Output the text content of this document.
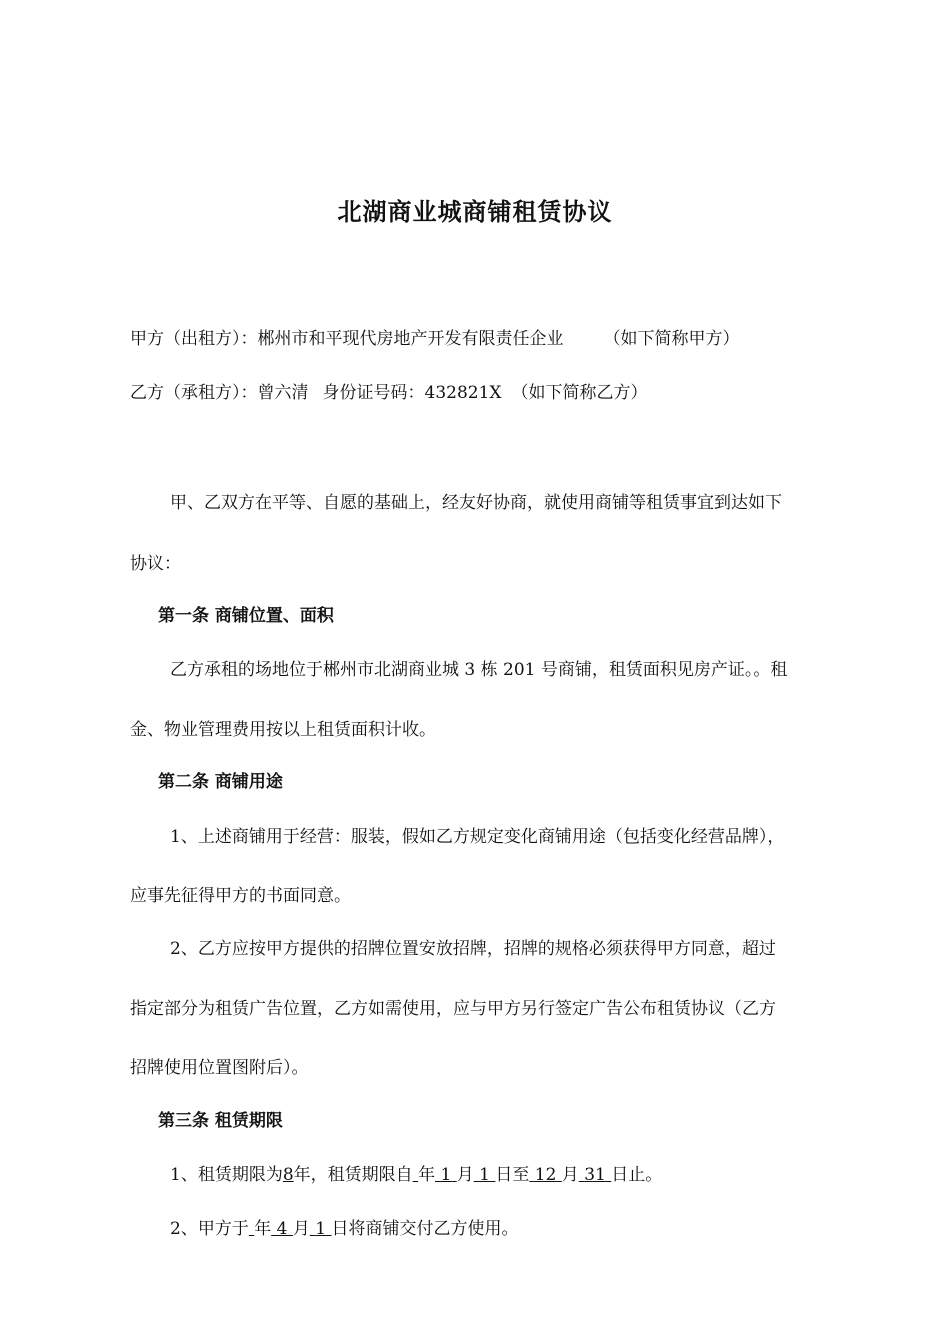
北湖商业城商铺租赁协议
甲方（出租方）：郴州市和平现代房地产开发有限责任企业 （如下简称甲方）
乙方（承租方）：曾六清 身份证号码：432821X （如下简称乙方）
甲、乙双方在平等、自愿的基础上，经友好协商，就使用商铺等租赁事宜到达如下
协议：
第一条 商铺位置、面积
乙方承租的场地位于郴州市北湖商业城 3 栋 201 号商铺，租赁面积见房产证。。租
金、物业管理费用按以上租赁面积计收。
第二条 商铺用途
1、上述商铺用于经营：服装，假如乙方规定变化商铺用途（包括变化经营品牌），
应事先征得甲方的书面同意。
2、乙方应按甲方提供的招牌位置安放招牌，招牌的规格必须获得甲方同意，超过
指定部分为租赁广告位置，乙方如需使用，应与甲方另行签定广告公布租赁协议（乙方
招牌使用位置图附后）。
第三条 租赁期限
1、租赁期限为8年，租赁期限自 年 1 月 1 日至 12 月 31 日止。
2、甲方于 年 4 月 1 日将商铺交付乙方使用。
